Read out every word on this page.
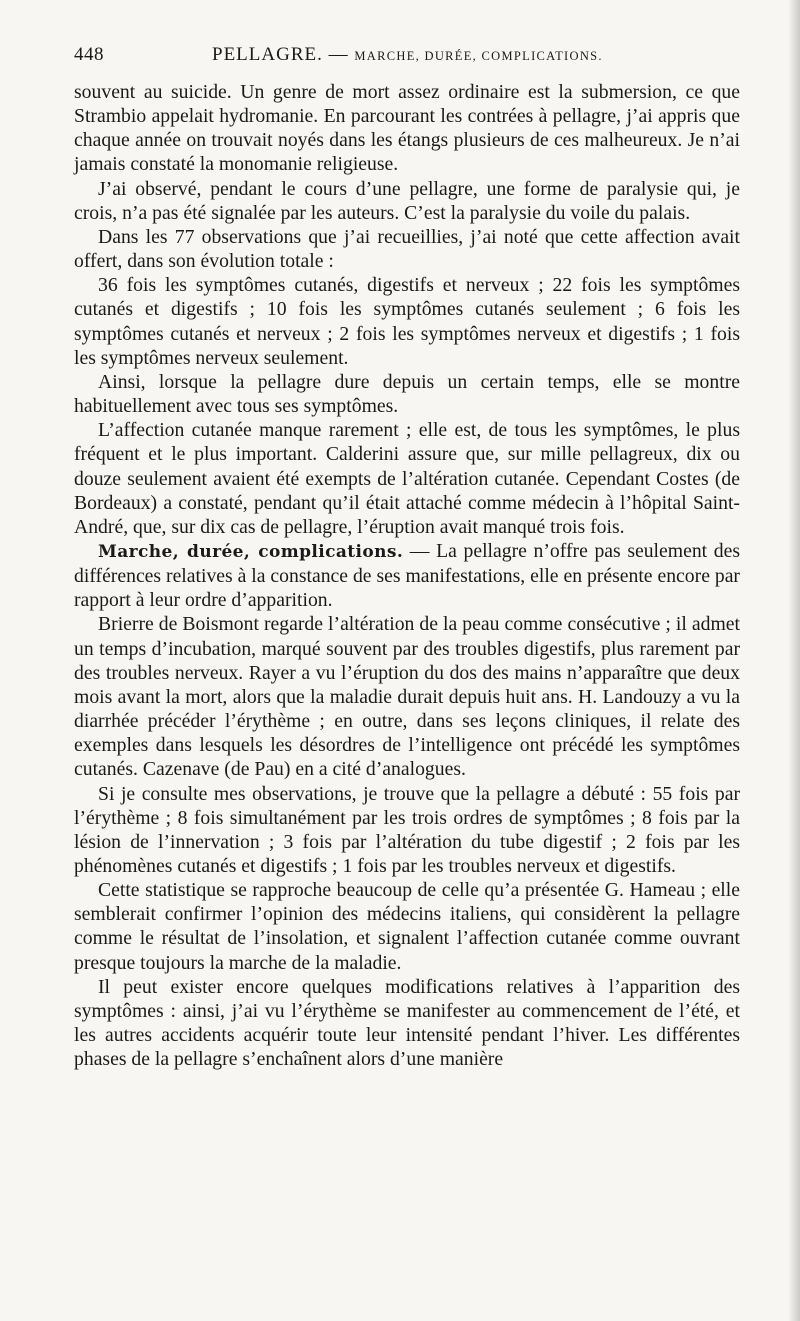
448	PELLAGRE. — MARCHE, DURÉE, COMPLICATIONS.

souvent au suicide. Un genre de mort assez ordinaire est la submersion, ce que Strambio appelait hydromanie. En parcourant les contrées à pellagre, j’ai appris que chaque année on trouvait noyés dans les étangs plusieurs de ces malheureux. Je n’ai jamais constaté la monomanie religieuse.

J’ai observé, pendant le cours d’une pellagre, une forme de paralysie qui, je crois, n’a pas été signalée par les auteurs. C’est la paralysie du voile du palais.

Dans les 77 observations que j’ai recueillies, j’ai noté que cette affection avait offert, dans son évolution totale :

36 fois les symptômes cutanés, digestifs et nerveux ; 22 fois les symptômes cutanés et digestifs ; 10 fois les symptômes cutanés seulement ; 6 fois les symptômes cutanés et nerveux ; 2 fois les symptômes nerveux et digestifs ; 1 fois les symptômes nerveux seulement.

Ainsi, lorsque la pellagre dure depuis un certain temps, elle se montre habituellement avec tous ses symptômes.

L’affection cutanée manque rarement ; elle est, de tous les symptômes, le plus fréquent et le plus important. Calderini assure que, sur mille pellagreux, dix ou douze seulement avaient été exempts de l’altération cutanée. Cependant Costes (de Bordeaux) a constaté, pendant qu’il était attaché comme médecin à l’hôpital Saint-André, que, sur dix cas de pellagre, l’éruption avait manqué trois fois.

Marche, durée, complications. — La pellagre n’offre pas seulement des différences relatives à la constance de ses manifestations, elle en présente encore par rapport à leur ordre d’apparition.

Brierre de Boismont regarde l’altération de la peau comme consécutive ; il admet un temps d’incubation, marqué souvent par des troubles digestifs, plus rarement par des troubles nerveux. Rayer a vu l’éruption du dos des mains n’apparaître que deux mois avant la mort, alors que la maladie durait depuis huit ans. H. Landouzy a vu la diarrhée précéder l’érythème ; en outre, dans ses leçons cliniques, il relate des exemples dans lesquels les désordres de l’intelligence ont précédé les symptômes cutanés. Cazenave (de Pau) en a cité d’analogues.

Si je consulte mes observations, je trouve que la pellagre a débuté : 55 fois par l’érythème ; 8 fois simultanément par les trois ordres de symptômes ; 8 fois par la lésion de l’innervation ; 3 fois par l’altération du tube digestif ; 2 fois par les phénomènes cutanés et digestifs ; 1 fois par les troubles nerveux et digestifs.

Cette statistique se rapproche beaucoup de celle qu’a présentée G. Hameau ; elle semblerait confirmer l’opinion des médecins italiens, qui considèrent la pellagre comme le résultat de l’insolation, et signalent l’affection cutanée comme ouvrant presque toujours la marche de la maladie.

Il peut exister encore quelques modifications relatives à l’apparition des symptômes : ainsi, j’ai vu l’érythème se manifester au commencement de l’été, et les autres accidents acquérir toute leur intensité pendant l’hiver. Les différentes phases de la pellagre s’enchaînent alors d’une manière
